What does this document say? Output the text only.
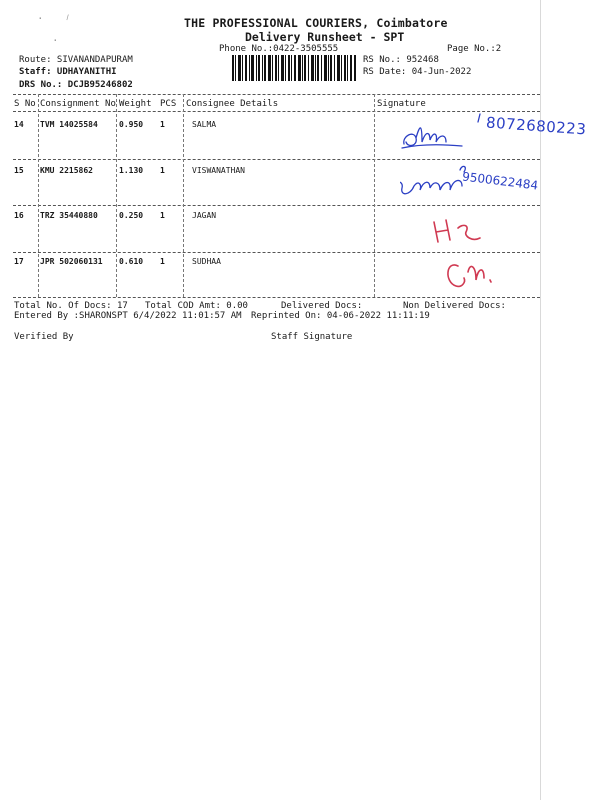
· ⸝
·
THE PROFESSIONAL COURIERS, Coimbatore
Delivery Runsheet - SPT
Phone No.:0422-3505555	Page No.:2
Route: SIVANANDAPURAM
Staff: UDHAYANITHI
DRS No.: DCJB95246802
RS No.: 952468
RS Date: 04-Jun-2022
S No Consignment No Weight PCS Consignee Details	Signature
14 TVM 14025584	0.950 1	SALMA
15 KMU 2215862	1.130 1	VISWANATHAN
16 TRZ 35440880	0.250 1	JAGAN
17 JPR 502060131 0.610 1	SUDHAA
8072680223
9500622484
Total No. Of Docs: 17 Total COD Amt: 0.00	Delivered Docs:	Non Delivered Docs:
Entered By :SHARONSPT 6/4/2022 11:01:57 AM Reprinted On: 04-06-2022 11:11:19
Verified By	Staff Signature
